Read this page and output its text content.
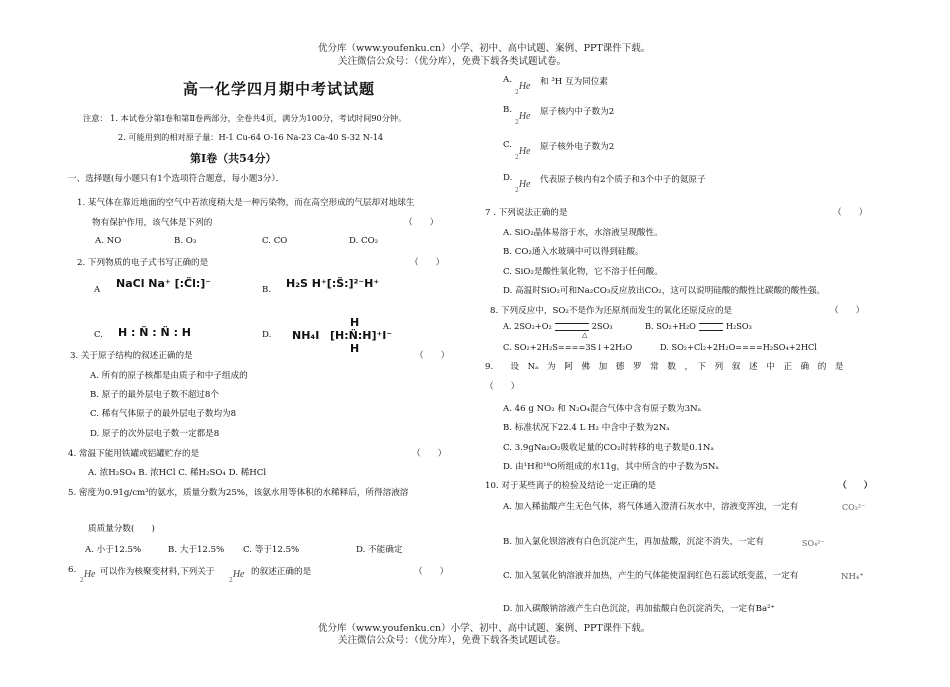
优分库（www.youfenku.cn）小学、初中、高中试题、案例、PPT课件下载。
关注微信公众号：（优分库），免费下载各类试题试卷。
高一化学四月期中考试试题
注意： 1. 本试卷分第Ⅰ卷和第Ⅱ卷两部分，全卷共4页，满分为100分，考试时间90分钟。
2. 可能用到的相对原子量：H-1 Cu-64 O-16 Na-23 Ca-40 S-32 N-14
第Ⅰ卷（共54分）
一、选择题(每小题只有1个选项符合题意，每小题3分）．
1. 某气体在靠近地面的空气中若浓度稍大是一种污染物，而在高空形成的气层却对地球生
物有保护作用，该气体是下列的	（　　）
A. NO	B. O₃	C. CO	D. CO₂
2. 下列物质的电子式书写正确的是	（　　）
A NaCl Na⁺ [:C̈l:]⁻	B. H₂S H⁺[:S̈:]²⁻H⁺
C. H : N̈ : N̈ : H	D. NH₄I
H
[H:N̈:H]⁺I⁻
H
3. 关于原子结构的叙述正确的是	（　　）
A. 所有的原子核都是由质子和中子组成的
B. 原子的最外层电子数不超过8个
C. 稀有气体原子的最外层电子数均为8
D. 原子的次外层电子数一定都是8
4. 常温下能用铁罐或铝罐贮存的是	（　　）
A. 浓H₂SO₄ B. 浓HCl C. 稀H₂SO₄ D. 稀HCl
5. 密度为0.91g/cm³的氨水，质量分数为25%，该氨水用等体积的水稀释后，所得溶液溶
质质量分数(　　)
A. 小于12.5%	B. 大于12.5% C. 等于12.5%	D. 不能确定
6.
$_2$He 可以作为核聚变材料,下列关于
$_2$He 的叙述正确的是	（　　）
A.
$_2$He 和 ³H 互为同位素
B.
$_2$He 原子核内中子数为2
C.
$_2$He 原子核外电子数为2
D.
$_2$He 代表原子核内有2个质子和3个中子的氦原子
7 . 下列说法正确的是	（　　）
A. SiO₂晶体易溶于水，水溶液呈现酸性。
B. CO₂通入水玻璃中可以得到硅酸。
C. SiO₂是酸性氧化物，它不溶于任何酸。
D. 高温时SiO₂可和Na₂CO₃反应放出CO₂，这可以说明硅酸的酸性比碳酸的酸性强。
8. 下列反应中，SO₂不是作为还原剂而发生的氧化还原反应的是	（　　）
A. 2SO₂+O₂	2SO₃
△
B. SO₂+H₂O	H₂SO₃
C. SO₂+2H₂S====3S↓+2H₂O	D. SO₂+Cl₂+2H₂O====H₂SO₄+2HCl
9.　　设　Nₐ　为　阿　佛　加　德　罗　常　数　，　下　列　叙　述　中　正　确　的　是
（　　）
A. 46 g NO₂ 和 N₂O₄混合气体中含有原子数为3Nₐ
B. 标准状况下22.4 L H₂ 中含中子数为2Nₐ
C. 3.9gNa₂O₂吸收足量的CO₂时转移的电子数是0.1Nₐ
D. 由¹H和¹⁸O所组成的水11g，其中所含的中子数为5Nₐ
10. 对于某些离子的检验及结论一定正确的是	（　　）
A. 加入稀盐酸产生无色气体，将气体通入澄清石灰水中，溶液变浑浊，一定有	CO₃²⁻
B. 加入氯化钡溶液有白色沉淀产生，再加盐酸，沉淀不消失，一定有	SO₄²⁻
C. 加入氢氧化钠溶液并加热，产生的气体能使湿润红色石蕊试纸变蓝，一定有	NH₄⁺
D. 加入碳酸钠溶液产生白色沉淀，再加盐酸白色沉淀消失，一定有Ba²⁺
优分库（www.youfenku.cn）小学、初中、高中试题、案例、PPT课件下载。
关注微信公众号：（优分库），免费下载各类试题试卷。
